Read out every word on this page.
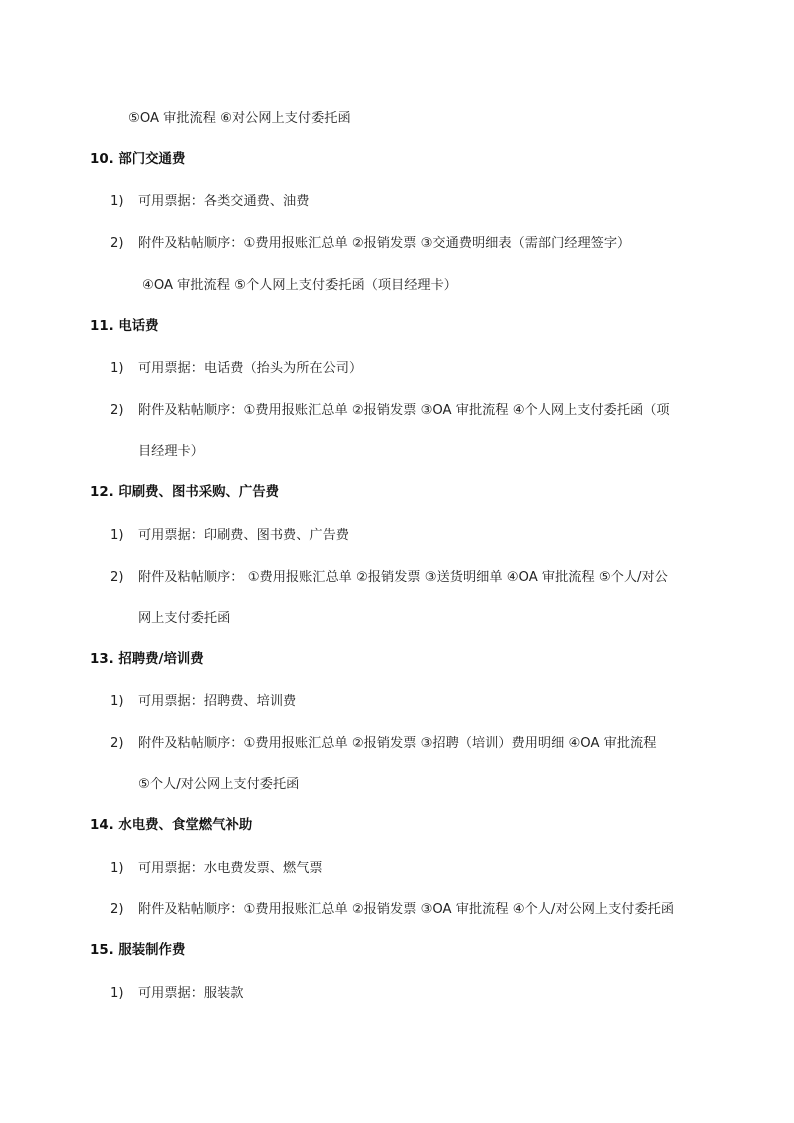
⑤OA 审批流程 ⑥对公网上支付委托函
10. 部门交通费
1) 可用票据：各类交通费、油费
2) 附件及粘帖顺序：①费用报账汇总单 ②报销发票 ③交通费明细表（需部门经理签字）
④OA 审批流程 ⑤个人网上支付委托函（项目经理卡）
11. 电话费
1) 可用票据：电话费（抬头为所在公司）
2) 附件及粘帖顺序：①费用报账汇总单 ②报销发票 ③OA 审批流程 ④个人网上支付委托函（项
目经理卡）
12. 印刷费、图书采购、广告费
1) 可用票据：印刷费、图书费、广告费
2) 附件及粘帖顺序： ①费用报账汇总单 ②报销发票 ③送货明细单 ④OA 审批流程 ⑤个人/对公
网上支付委托函
13. 招聘费/培训费
1) 可用票据：招聘费、培训费
2) 附件及粘帖顺序：①费用报账汇总单 ②报销发票 ③招聘（培训）费用明细 ④OA 审批流程
⑤个人/对公网上支付委托函
14. 水电费、食堂燃气补助
1) 可用票据：水电费发票、燃气票
2) 附件及粘帖顺序：①费用报账汇总单 ②报销发票 ③OA 审批流程 ④个人/对公网上支付委托函
15. 服装制作费
1) 可用票据：服装款
